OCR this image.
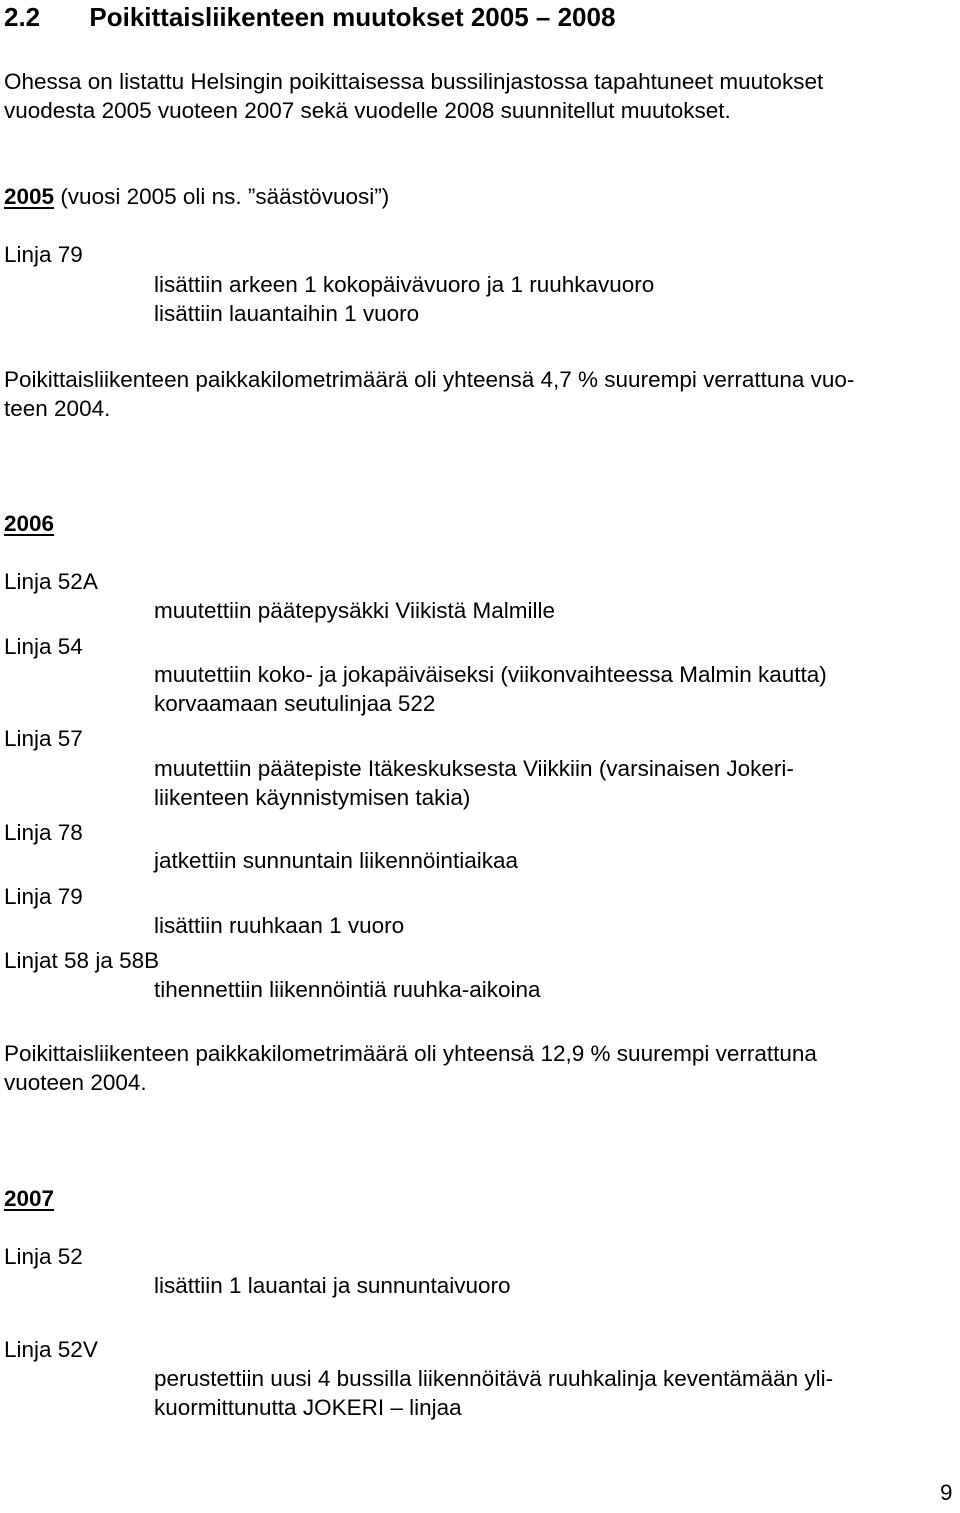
2.2 Poikittaisliikenteen muutokset 2005 – 2008
Ohessa on listattu Helsingin poikittaisessa bussilinjastossa tapahtuneet muutokset
vuodesta 2005 vuoteen 2007 sekä vuodelle 2008 suunnitellut muutokset.
2005 (vuosi 2005 oli ns. ”säästövuosi”)
Linja 79
lisättiin arkeen 1 kokopäivävuoro ja 1 ruuhkavuoro
lisättiin lauantaihin 1 vuoro
Poikittaisliikenteen paikkakilometrimäärä oli yhteensä 4,7 % suurempi verrattuna vuo-
teen 2004.
2006
Linja 52A
muutettiin päätepysäkki Viikistä Malmille
Linja 54
muutettiin koko- ja jokapäiväiseksi (viikonvaihteessa Malmin kautta)
korvaamaan seutulinjaa 522
Linja 57
muutettiin päätepiste Itäkeskuksesta Viikkiin (varsinaisen Jokeri-
liikenteen käynnistymisen takia)
Linja 78
jatkettiin sunnuntain liikennöintiaikaa
Linja 79
lisättiin ruuhkaan 1 vuoro
Linjat 58 ja 58B
tihennettiin liikennöintiä ruuhka-aikoina
Poikittaisliikenteen paikkakilometrimäärä oli yhteensä 12,9 % suurempi verrattuna
vuoteen 2004.
2007
Linja 52
lisättiin 1 lauantai ja sunnuntaivuoro
Linja 52V
perustettiin uusi 4 bussilla liikennöitävä ruuhkalinja keventämään yli-
kuormittunutta JOKERI – linjaa
9
